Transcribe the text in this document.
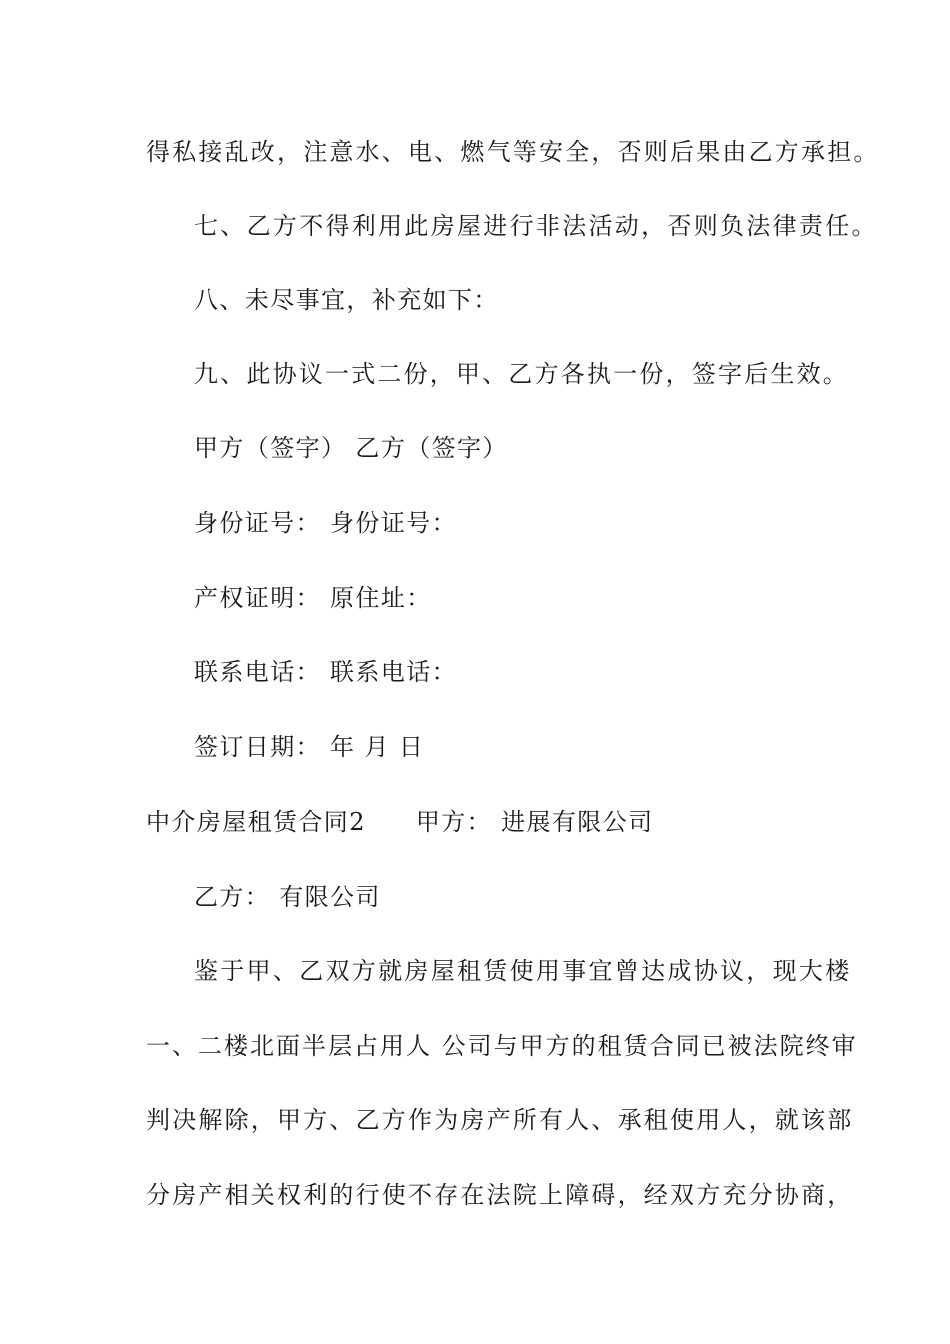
得私接乱改，注意水、电、燃气等安全，否则后果由乙方承担。
七、乙方不得利用此房屋进行非法活动，否则负法律责任。
八、未尽事宜，补充如下：
九、此协议一式二份，甲、乙方各执一份，签字后生效。
甲方（签字） 乙方（签字）
身份证号： 身份证号：
产权证明： 原住址：
联系电话： 联系电话：
签订日期： 年 月 日
中介房屋租赁合同2 甲方： 进展有限公司
乙方： 有限公司
鉴于甲、乙双方就房屋租赁使用事宜曾达成协议，现大楼
一、二楼北面半层占用人 公司与甲方的租赁合同已被法院终审
判决解除，甲方、乙方作为房产所有人、承租使用人，就该部
分房产相关权利的行使不存在法院上障碍，经双方充分协商，
